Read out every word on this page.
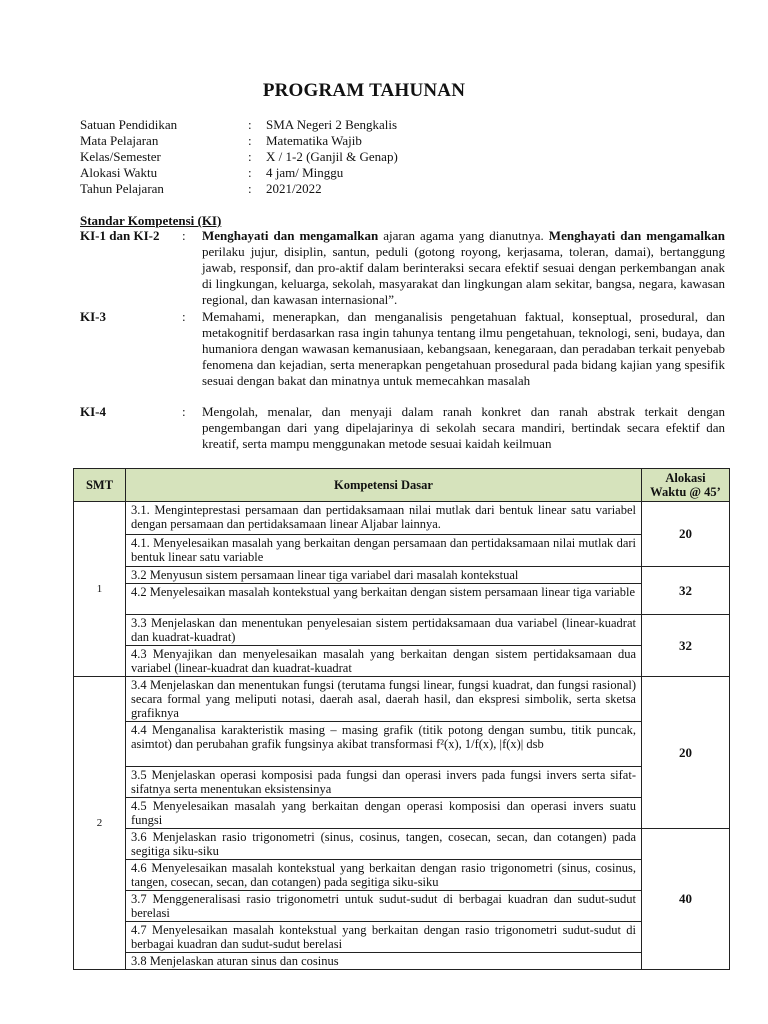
PROGRAM TAHUNAN
Satuan Pendidikan	:	SMA Negeri 2 Bengkalis
Mata Pelajaran	:	Matematika Wajib
Kelas/Semester	:	X / 1-2 (Ganjil & Genap)
Alokasi Waktu	:	4 jam/ Minggu
Tahun Pelajaran	:	2021/2022
Standar Kompetensi (KI)
KI-1 dan KI-2	:	Menghayati dan mengamalkan ajaran agama yang dianutnya. Menghayati dan mengamalkan perilaku jujur, disiplin, santun, peduli (gotong royong, kerjasama, toleran, damai), bertanggung jawab, responsif, dan pro-aktif dalam berinteraksi secara efektif sesuai dengan perkembangan anak di lingkungan, keluarga, sekolah, masyarakat dan lingkungan alam sekitar, bangsa, negara, kawasan regional, dan kawasan internasional”.
KI-3	:	Memahami, menerapkan, dan menganalisis pengetahuan faktual, konseptual, prosedural, dan metakognitif berdasarkan rasa ingin tahunya tentang ilmu pengetahuan, teknologi, seni, budaya, dan humaniora dengan wawasan kemanusiaan, kebangsaan, kenegaraan, dan peradaban terkait penyebab fenomena dan kejadian, serta menerapkan pengetahuan prosedural pada bidang kajian yang spesifik sesuai dengan bakat dan minatnya untuk memecahkan masalah
KI-4	:	Mengolah, menalar, dan menyaji dalam ranah konkret dan ranah abstrak terkait dengan pengembangan dari yang dipelajarinya di sekolah secara mandiri, bertindak secara efektif dan kreatif, serta mampu menggunakan metode sesuai kaidah keilmuan
SMT	Kompetensi Dasar	Alokasi
Waktu @ 45’
1	3.1. Menginteprestasi persamaan dan pertidaksamaan nilai mutlak dari bentuk linear satu variabel dengan persamaan dan pertidaksamaan linear Aljabar lainnya.	20
	4.1. Menyelesaikan masalah yang berkaitan dengan persamaan dan pertidaksamaan nilai mutlak dari bentuk linear satu variable	
	3.2 Menyusun sistem persamaan linear tiga variabel dari masalah kontekstual	32
	4.2 Menyelesaikan masalah kontekstual yang berkaitan dengan sistem persamaan linear tiga variable	
	3.3 Menjelaskan dan menentukan penyelesaian sistem pertidaksamaan dua variabel (linear-kuadrat dan kuadrat-kuadrat)	32
	4.3 Menyajikan dan menyelesaikan masalah yang berkaitan dengan sistem pertidaksamaan dua variabel (linear-kuadrat dan kuadrat-kuadrat	
2	3.4 Menjelaskan dan menentukan fungsi (terutama fungsi linear, fungsi kuadrat, dan fungsi rasional) secara formal yang meliputi notasi, daerah asal, daerah hasil, dan ekspresi simbolik, serta sketsa grafiknya	20
	4.4 Menganalisa karakteristik masing – masing grafik (titik potong dengan sumbu, titik puncak, asimtot) dan perubahan grafik fungsinya akibat transformasi f²(x), 1/f(x), |f(x)| dsb	
	3.5 Menjelaskan operasi komposisi pada fungsi dan operasi invers pada fungsi invers serta sifat-sifatnya serta menentukan eksistensinya	
	4.5 Menyelesaikan masalah yang berkaitan dengan operasi komposisi dan operasi invers suatu fungsi	
	3.6 Menjelaskan rasio trigonometri (sinus, cosinus, tangen, cosecan, secan, dan cotangen) pada segitiga siku-siku	40
	4.6 Menyelesaikan masalah kontekstual yang berkaitan dengan rasio trigonometri (sinus, cosinus, tangen, cosecan, secan, dan cotangen) pada segitiga siku-siku	
	3.7 Menggeneralisasi rasio trigonometri untuk sudut-sudut di berbagai kuadran dan sudut-sudut berelasi	
	4.7 Menyelesaikan masalah kontekstual yang berkaitan dengan rasio trigonometri sudut-sudut di berbagai kuadran dan sudut-sudut berelasi	
	3.8 Menjelaskan aturan sinus dan cosinus	
